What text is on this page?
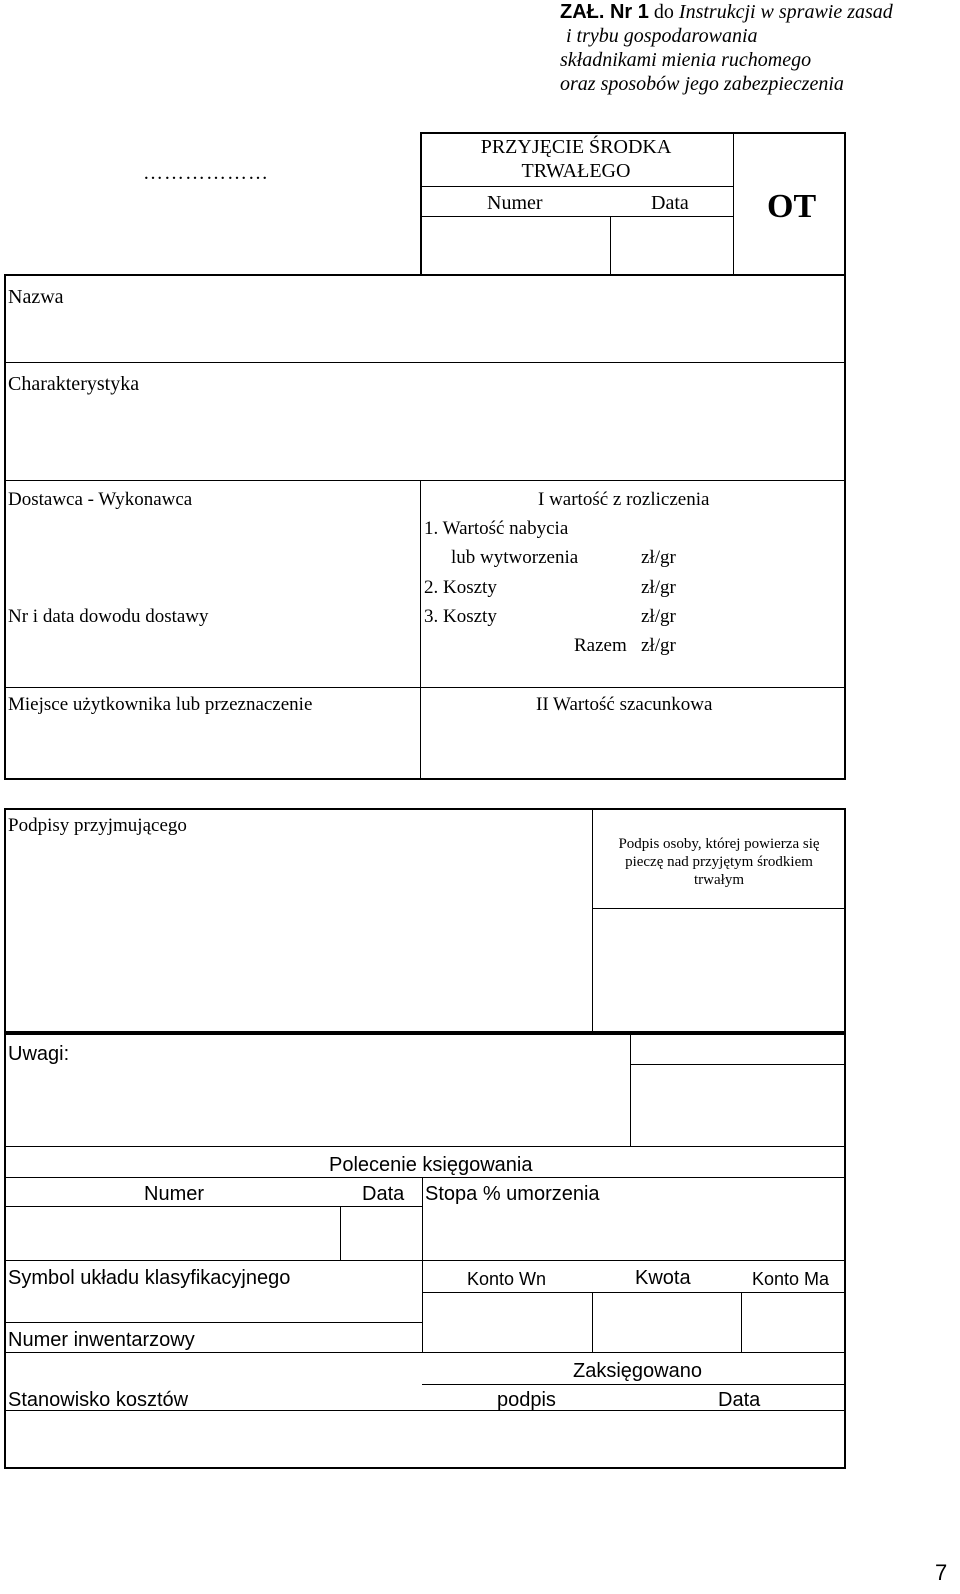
ZAŁ. Nr 1 do Instrukcji w sprawie zasad
i trybu gospodarowania
składnikami mienia ruchomego
oraz sposobów jego zabezpieczenia
………………
PRZYJĘCIE ŚRODKA
TRWAŁEGO
Numer	Data OT
Nazwa
Charakterystyka
Dostawca - Wykonawca
Nr i data dowodu dostawy
I wartość z rozliczenia
1. Wartość nabycia
lub wytworzenia	zł/gr
2. Koszty	zł/gr
3. Koszty	zł/gr
Razem zł/gr
Miejsce użytkownika lub przeznaczenie	II Wartość szacunkowa
Podpisy przyjmującego
Podpis osoby, której powierza się
pieczę nad przyjętym środkiem
trwałym
Uwagi:
Polecenie księgowania
Numer	Data Stopa % umorzenia
Symbol układu klasyfikacyjnego	Konto Wn	Kwota	Konto Ma
Numer inwentarzowy
Zaksięgowano
Stanowisko kosztów	podpis	Data
7
